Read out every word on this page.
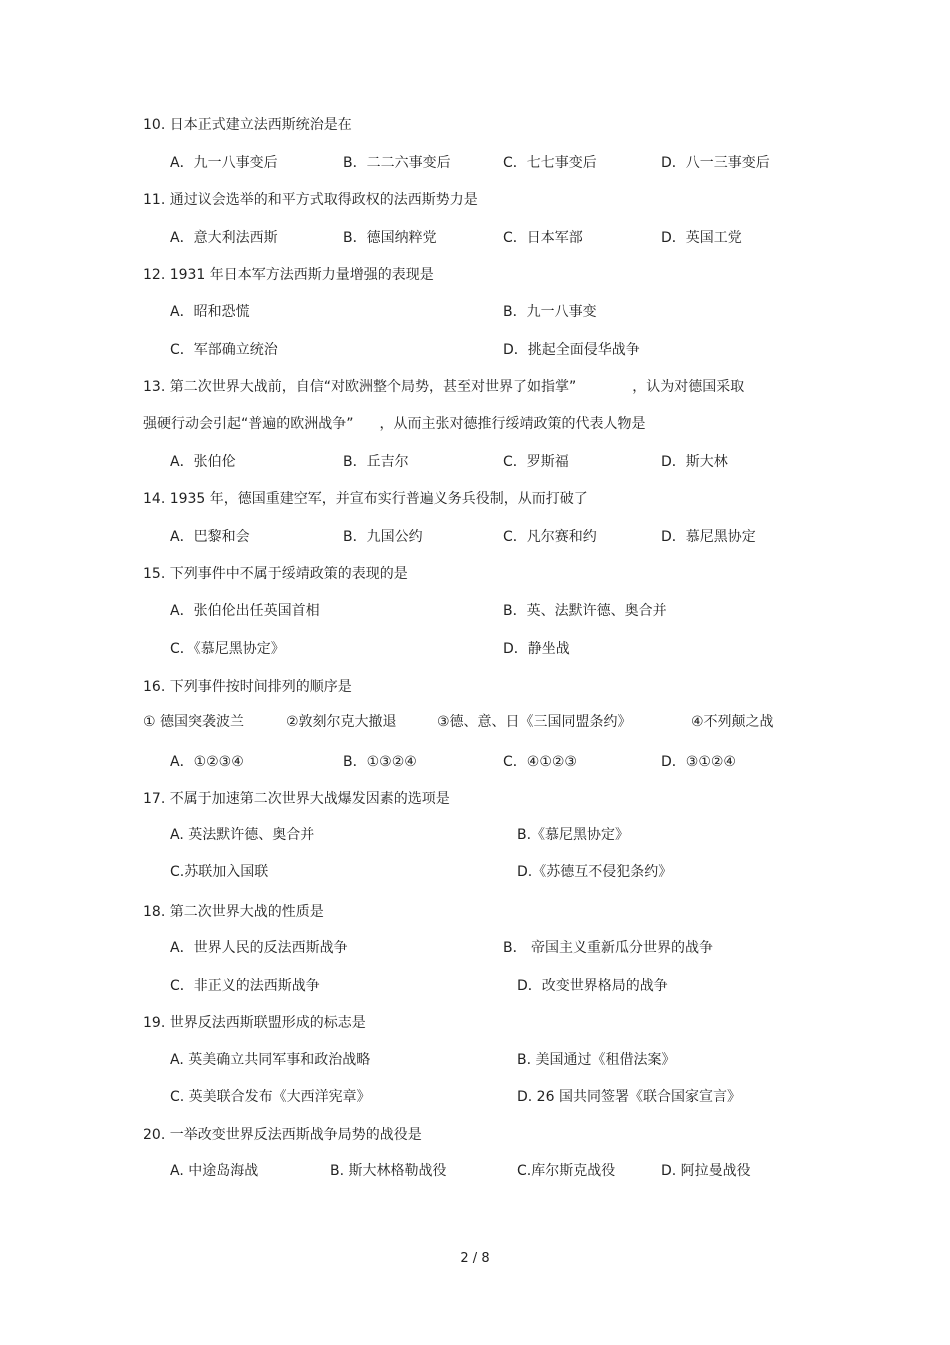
10. 日本正式建立法西斯统治是在
A．九一八事变后	B．二二六事变后	C．七七事变后	D．八一三事变后
11. 通过议会选举的和平方式取得政权的法西斯势力是
A．意大利法西斯	B．德国纳粹党	C．日本军部	D．英国工党
12. 1931 年日本军方法西斯力量增强的表现是
A．昭和恐慌	B．九一八事变
C．军部确立统治	D．挑起全面侵华战争
13. 第二次世界大战前，自信“对欧洲整个局势，甚至对世界了如指掌”	，认为对德国采取
强硬行动会引起“普遍的欧洲战争” ，从而主张对德推行绥靖政策的代表人物是
A．张伯伦	B．丘吉尔	C．罗斯福	D．斯大林
14. 1935 年，德国重建空军，并宣布实行普遍义务兵役制，从而打破了
A．巴黎和会	B．九国公约	C．凡尔赛和约	D．慕尼黑协定
15. 下列事件中不属于绥靖政策的表现的是
A．张伯伦出任英国首相	B．英、法默许德、奥合并
C．《慕尼黑协定》	D．静坐战
16. 下列事件按时间排列的顺序是
① 德国突袭波兰	②敦刻尔克大撤退	③德、意、日《三国同盟条约》	④不列颠之战
A．①②③④	B．①③②④	C．④①②③	D．③①②④
17. 不属于加速第二次世界大战爆发因素的选项是
A. 英法默许德、奥合并	B.《慕尼黑协定》
C.苏联加入国联	D.《苏德互不侵犯条约》
18. 第二次世界大战的性质是
A．世界人民的反法西斯战争	B． 帝国主义重新瓜分世界的战争
C．非正义的法西斯战争	D．改变世界格局的战争
19. 世界反法西斯联盟形成的标志是
A. 英美确立共同军事和政治战略	B. 美国通过《租借法案》
C. 英美联合发布《大西洋宪章》	D. 26 国共同签署《联合国家宣言》
20. 一举改变世界反法西斯战争局势的战役是
A. 中途岛海战	B. 斯大林格勒战役	C.库尔斯克战役	D. 阿拉曼战役
2 / 8
